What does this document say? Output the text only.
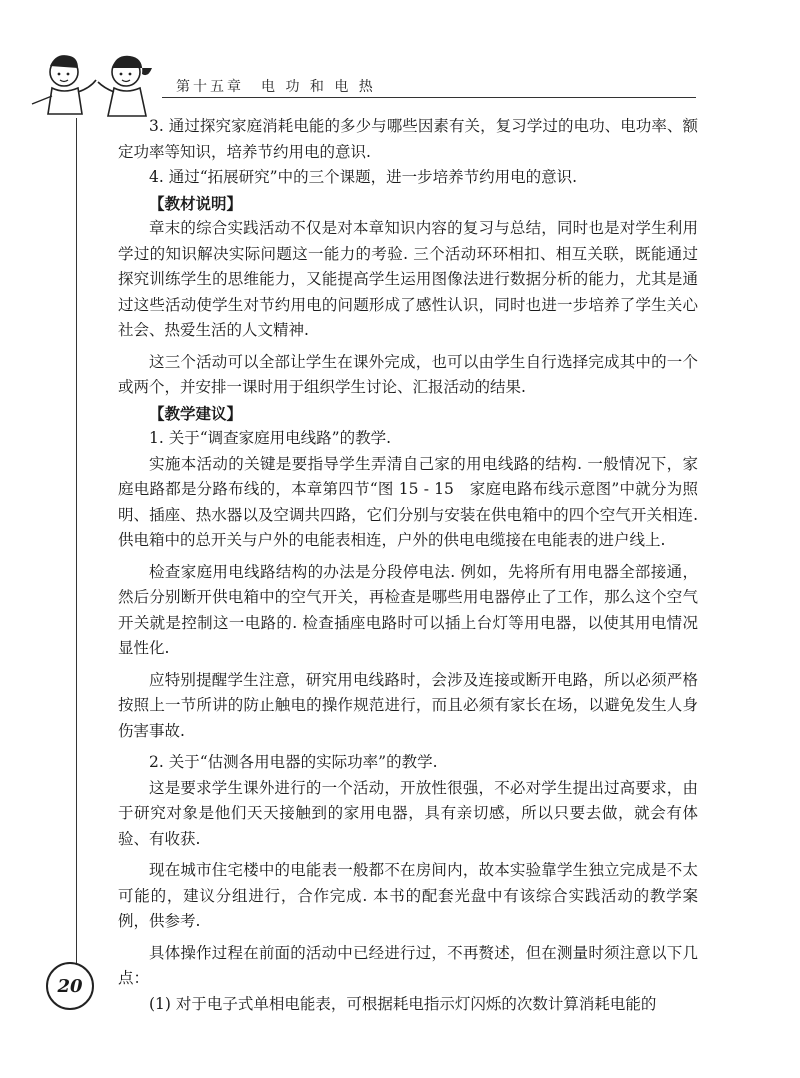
第十五章　电 功 和 电 热

3. 通过探究家庭消耗电能的多少与哪些因素有关，复习学过的电功、电功率、额定功率等知识，培养节约用电的意识.

4. 通过“拓展研究”中的三个课题，进一步培养节约用电的意识.

【教材说明】

章末的综合实践活动不仅是对本章知识内容的复习与总结，同时也是对学生利用学过的知识解决实际问题这一能力的考验. 三个活动环环相扣、相互关联，既能通过探究训练学生的思维能力，又能提高学生运用图像法进行数据分析的能力，尤其是通过这些活动使学生对节约用电的问题形成了感性认识，同时也进一步培养了学生关心社会、热爱生活的人文精神.

这三个活动可以全部让学生在课外完成，也可以由学生自行选择完成其中的一个或两个，并安排一课时用于组织学生讨论、汇报活动的结果.

【教学建议】

1. 关于“调查家庭用电线路”的教学.

实施本活动的关键是要指导学生弄清自己家的用电线路的结构. 一般情况下，家庭电路都是分路布线的，本章第四节“图 15 - 15　家庭电路布线示意图”中就分为照明、插座、热水器以及空调共四路，它们分别与安装在供电箱中的四个空气开关相连. 供电箱中的总开关与户外的电能表相连，户外的供电电缆接在电能表的进户线上.

检查家庭用电线路结构的办法是分段停电法. 例如，先将所有用电器全部接通，然后分别断开供电箱中的空气开关，再检查是哪些用电器停止了工作，那么这个空气开关就是控制这一电路的. 检查插座电路时可以插上台灯等用电器，以使其用电情况显性化.

应特别提醒学生注意，研究用电线路时，会涉及连接或断开电路，所以必须严格按照上一节所讲的防止触电的操作规范进行，而且必须有家长在场，以避免发生人身伤害事故.

2. 关于“估测各用电器的实际功率”的教学.

这是要求学生课外进行的一个活动，开放性很强，不必对学生提出过高要求，由于研究对象是他们天天接触到的家用电器，具有亲切感，所以只要去做，就会有体验、有收获.

现在城市住宅楼中的电能表一般都不在房间内，故本实验靠学生独立完成是不太可能的，建议分组进行，合作完成. 本书的配套光盘中有该综合实践活动的教学案例，供参考.

具体操作过程在前面的活动中已经进行过，不再赘述，但在测量时须注意以下几点：

(1) 对于电子式单相电能表，可根据耗电指示灯闪烁的次数计算消耗电能的

20
